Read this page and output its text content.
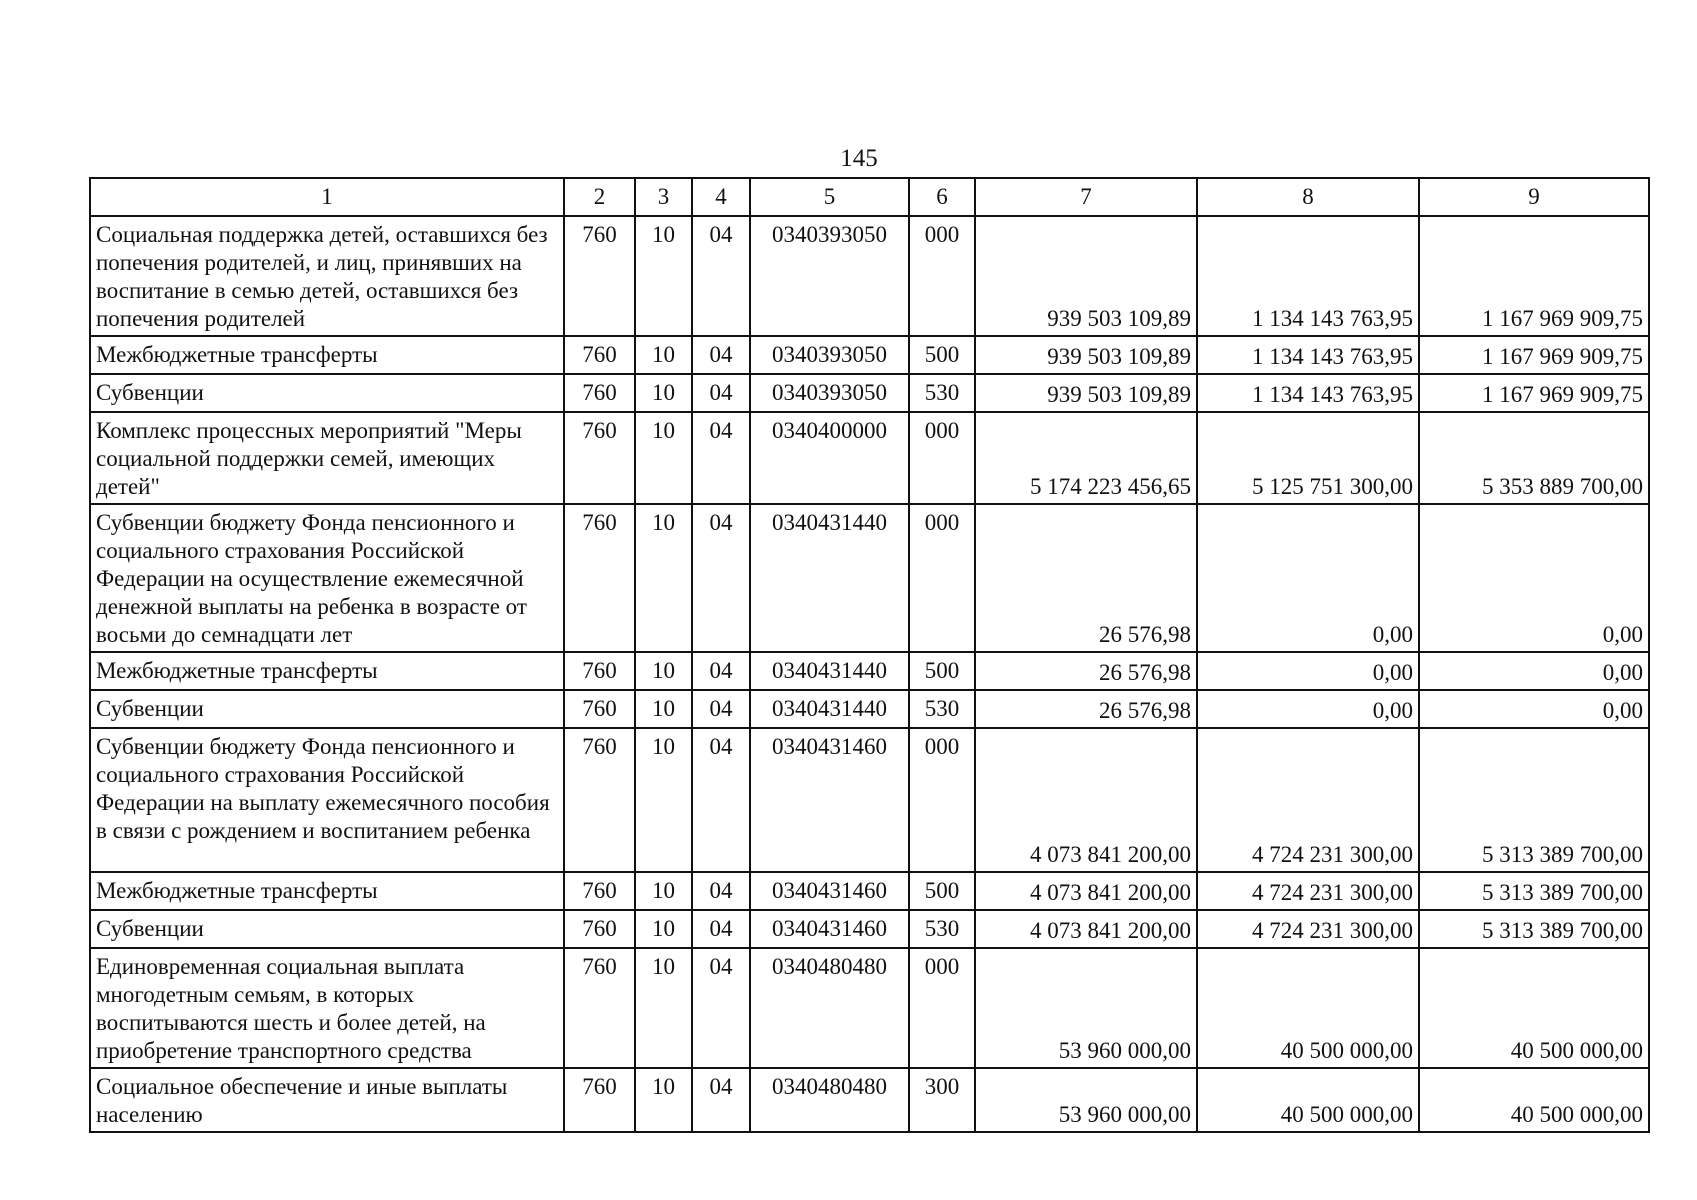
145
1	2	3	4	5	6	7	8	9
Социальная поддержка детей, оставшихся без попечения родителей, и лиц, принявших на воспитание в семью детей, оставшихся без попечения родителей	760	10	04	0340393050	000	939 503 109,89	1 134 143 763,95	1 167 969 909,75
Межбюджетные трансферты	760	10	04	0340393050	500	939 503 109,89	1 134 143 763,95	1 167 969 909,75
Субвенции	760	10	04	0340393050	530	939 503 109,89	1 134 143 763,95	1 167 969 909,75
Комплекс процессных мероприятий "Меры социальной поддержки семей, имеющих детей"	760	10	04	0340400000	000	5 174 223 456,65	5 125 751 300,00	5 353 889 700,00
Субвенции бюджету Фонда пенсионного и социального страхования Российской Федерации на осуществление ежемесячной денежной выплаты на ребенка в возрасте от восьми до семнадцати лет	760	10	04	0340431440	000	26 576,98	0,00	0,00
Межбюджетные трансферты	760	10	04	0340431440	500	26 576,98	0,00	0,00
Субвенции	760	10	04	0340431440	530	26 576,98	0,00	0,00
Субвенции бюджету Фонда пенсионного и социального страхования Российской Федерации на выплату ежемесячного пособия в связи с рождением и воспитанием ребенка	760	10	04	0340431460	000	4 073 841 200,00	4 724 231 300,00	5 313 389 700,00
Межбюджетные трансферты	760	10	04	0340431460	500	4 073 841 200,00	4 724 231 300,00	5 313 389 700,00
Субвенции	760	10	04	0340431460	530	4 073 841 200,00	4 724 231 300,00	5 313 389 700,00
Единовременная социальная выплата многодетным семьям, в которых воспитываются шесть и более детей, на приобретение транспортного средства	760	10	04	0340480480	000	53 960 000,00	40 500 000,00	40 500 000,00
Социальное обеспечение и иные выплаты населению	760	10	04	0340480480	300	53 960 000,00	40 500 000,00	40 500 000,00
